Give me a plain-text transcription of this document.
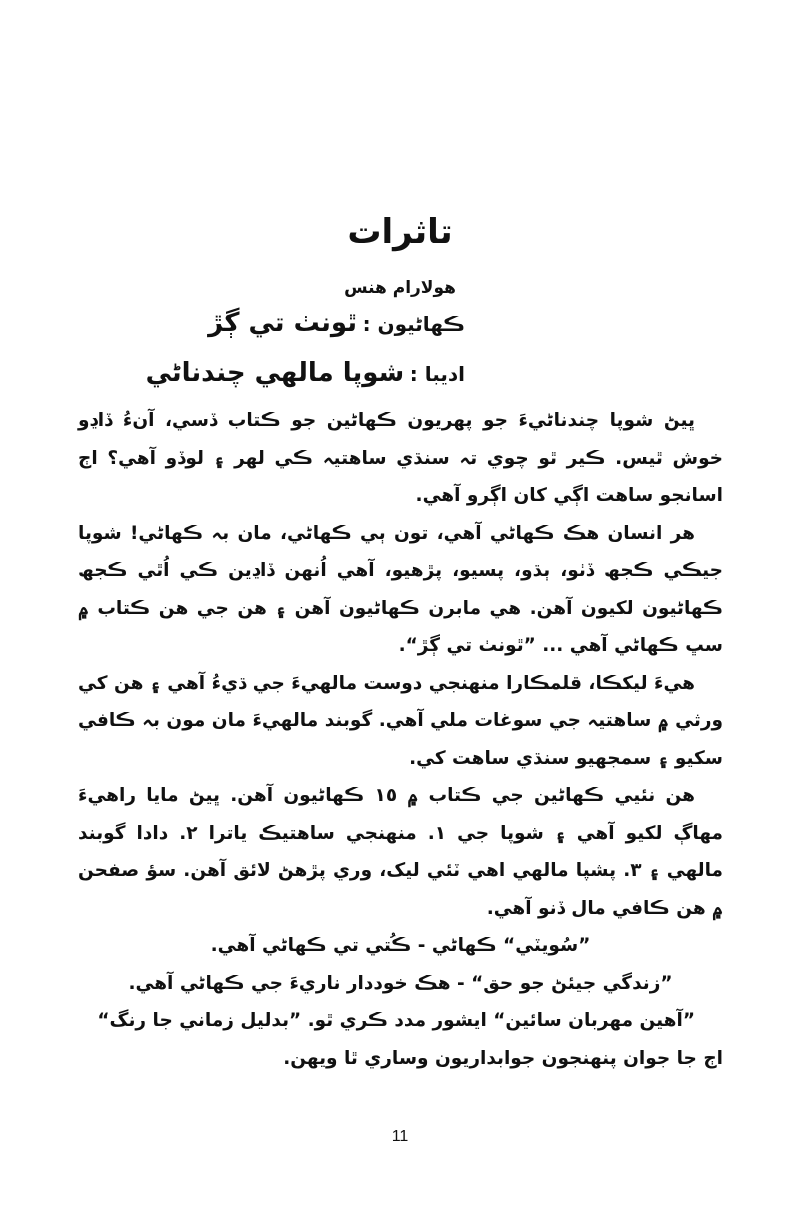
تاثرات
هولارام هنس
ڪهاڻيون : ٿونٺ تي ڳڙ
اديبا : شوپا مالهي چندناڻي

ڀيڻ شوپا چندناڻيءَ جو پهريون ڪهاڻين جو ڪتاب ڏسي، آنءُ ڏاڍو خوش ٿيس. ڪير ٿو چوي تہ سنڌي ساهتيہ ڪي لهر ۽ لوڏو آهي؟ اڄ اسانجو ساهت اڳي کان اڳرو آهي.

هر انسان هڪ ڪهاڻي آهي، تون ٻي ڪهاڻي، مان بہ ڪهاڻي! شوپا جيڪي ڪجھ ڏٺو، ٻڌو، پسيو، پڙهيو، آهي اُنهن ڏاڍين ڪي اُٿي ڪجھ ڪهاڻيون لکيون آهن. هي مابرن ڪهاڻيون آهن ۽ هن جي هن ڪتاب ۾ سڀ ڪهاڻي آهي ... ”ٿونٺ تي ڳڙ“.

هيءَ ليکڪا، قلمڪارا منهنجي دوست مالهيءَ جي ڌيءُ آهي ۽ هن کي ورثي ۾ ساهتيہ جي سوغات ملي آهي. گوبند مالهيءَ مان مون بہ ڪافي سکيو ۽ سمجھيو سنڌي ساهت کي.

هن نئيي ڪهاڻين جي ڪتاب ۾ ١٥ ڪهاڻيون آهن. ڀيڻ مايا راهيءَ مهاڳ لکيو آهي ۽ شوپا جي ١. منهنجي ساهتيڪ ياترا ٢. دادا گوبند مالهي ۽ ٣. پشپا مالهي اهي ٽئي ليک، وري پڙهڻ لائق آهن. سؤ صفحن ۾ هن ڪافي مال ڏنو آهي.

”سُويٽي“ ڪهاڻي - ڪُتي تي ڪهاڻي آهي.

”زندگي جيئڻ جو حق“ - هڪ خوددار ناريءَ جي ڪهاڻي آهي.

”آهين مهربان سائين“ ايشور مدد ڪري ٿو. ”بدليل زماني جا رنگ“

اڄ جا جوان پنهنجون جوابداريون وساري ٿا ويهن.

11
